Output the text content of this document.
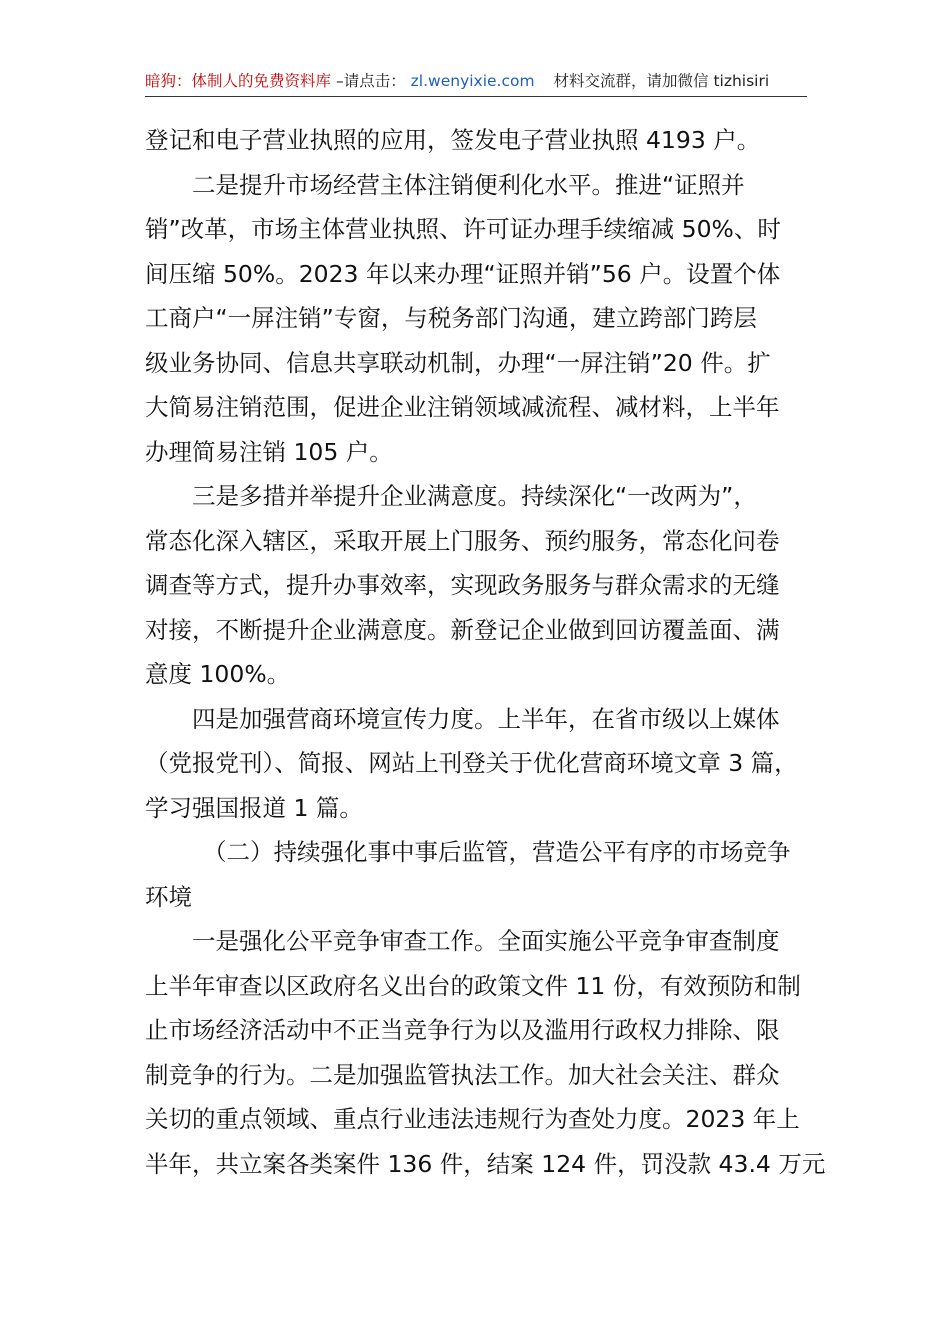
暗狗：体制人的免费资料库 –请点击： zl.wenyixie.com 材料交流群，请加微信 tizhisiri
登记和电子营业执照的应用，签发电子营业执照 4193 户。
二是提升市场经营主体注销便利化水平。推进“证照并
销”改革，市场主体营业执照、许可证办理手续缩减 50%、时
间压缩 50%。2023 年以来办理“证照并销”56 户。设置个体
工商户“一屏注销”专窗，与税务部门沟通，建立跨部门跨层
级业务协同、信息共享联动机制，办理“一屏注销”20 件。扩
大简易注销范围，促进企业注销领域减流程、减材料，上半年
办理简易注销 105 户。
三是多措并举提升企业满意度。持续深化“一改两为”，
常态化深入辖区，采取开展上门服务、预约服务，常态化问卷
调查等方式，提升办事效率，实现政务服务与群众需求的无缝
对接，不断提升企业满意度。新登记企业做到回访覆盖面、满
意度 100%。
四是加强营商环境宣传力度。上半年，在省市级以上媒体
（党报党刊）、简报、网站上刊登关于优化营商环境文章 3 篇，
学习强国报道 1 篇。
（二）持续强化事中事后监管，营造公平有序的市场竞争
环境
一是强化公平竞争审查工作。全面实施公平竞争审查制度
上半年审查以区政府名义出台的政策文件 11 份，有效预防和制
止市场经济活动中不正当竞争行为以及滥用行政权力排除、限
制竞争的行为。二是加强监管执法工作。加大社会关注、群众
关切的重点领域、重点行业违法违规行为查处力度。2023 年上
半年，共立案各类案件 136 件，结案 124 件，罚没款 43.4 万元
